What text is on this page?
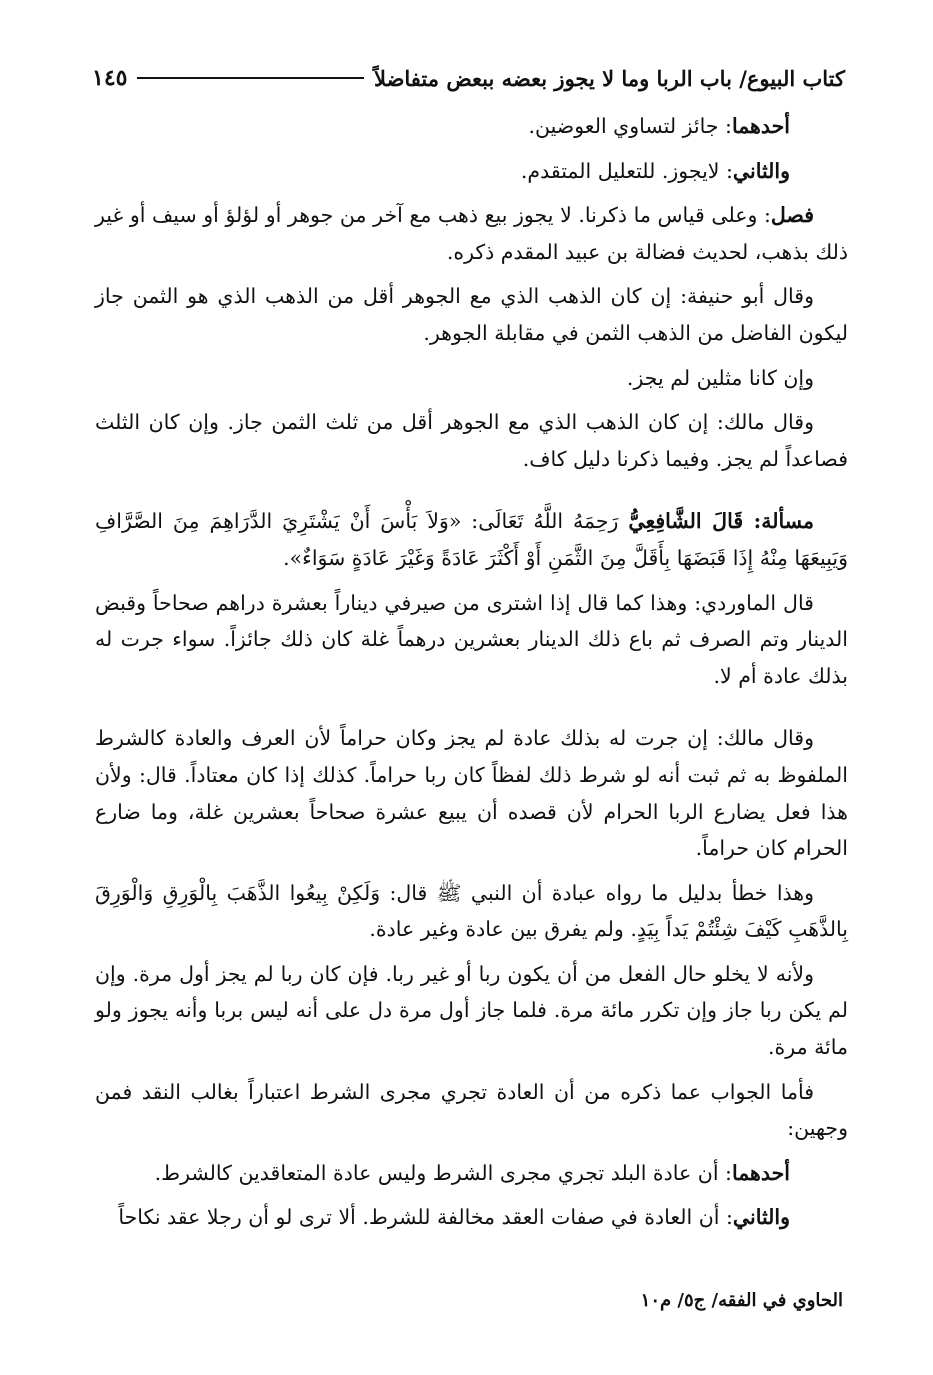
كتاب البيوع/ باب الربا وما لا يجوز بعضه ببعض متفاضلاً
١٤٥

أحدهما: جائز لتساوي العوضين.

والثاني: لايجوز. للتعليل المتقدم.

فصل: وعلى قياس ما ذكرنا. لا يجوز بيع ذهب مع آخر من جوهر أو لؤلؤ أو سيف أو غير ذلك بذهب، لحديث فضالة بن عبيد المقدم ذكره.

وقال أبو حنيفة: إن كان الذهب الذي مع الجوهر أقل من الذهب الذي هو الثمن جاز ليكون الفاضل من الذهب الثمن في مقابلة الجوهر.

وإن كانا مثلين لم يجز.

وقال مالك: إن كان الذهب الذي مع الجوهر أقل من ثلث الثمن جاز. وإن كان الثلث فصاعداً لم يجز. وفيما ذكرنا دليل كاف.

مسألة: قَالَ الشَّافِعِيُّ رَحِمَهُ اللَّهُ تَعَالَى: «وَلاَ بَأْسَ أَنْ يَشْتَرِيَ الدَّرَاهِمَ مِنَ الصَّرَّافِ وَيَبِيعَهَا مِنْهُ إِذَا قَبَضَهَا بِأَقَلَّ مِنَ الثَّمَنِ أَوْ أَكْثَرَ عَادَةً وَغَيْرَ عَادَةٍ سَوَاءٌ».

قال الماوردي: وهذا كما قال إذا اشترى من صيرفي ديناراً بعشرة دراهم صحاحاً وقبض الدينار وتم الصرف ثم باع ذلك الدينار بعشرين درهماً غلة كان ذلك جائزاً. سواء جرت له بذلك عادة أم لا.

وقال مالك: إن جرت له بذلك عادة لم يجز وكان حراماً لأن العرف والعادة كالشرط الملفوظ به ثم ثبت أنه لو شرط ذلك لفظاً كان ربا حراماً. كذلك إذا كان معتاداً. قال: ولأن هذا فعل يضارع الربا الحرام لأن قصده أن يبيع عشرة صحاحاً بعشرين غلة، وما ضارع الحرام كان حراماً.

وهذا خطأ بدليل ما رواه عبادة أن النبي ﷺ قال: وَلَكِنْ بِيعُوا الذَّهَبَ بِالْوَرِقِ وَالْوَرِقَ بِالذَّهَبِ كَيْفَ شِئْتُمْ يَداً بِيَدٍ. ولم يفرق بين عادة وغير عادة.

ولأنه لا يخلو حال الفعل من أن يكون ربا أو غير ربا. فإن كان ربا لم يجز أول مرة. وإن لم يكن ربا جاز وإن تكرر مائة مرة. فلما جاز أول مرة دل على أنه ليس بربا وأنه يجوز ولو مائة مرة.

فأما الجواب عما ذكره من أن العادة تجري مجرى الشرط اعتباراً بغالب النقد فمن وجهين:

أحدهما: أن عادة البلد تجري مجرى الشرط وليس عادة المتعاقدين كالشرط.

والثاني: أن العادة في صفات العقد مخالفة للشرط. ألا ترى لو أن رجلا عقد نكاحاً

الحاوي في الفقه/ ج٥/ م١٠
